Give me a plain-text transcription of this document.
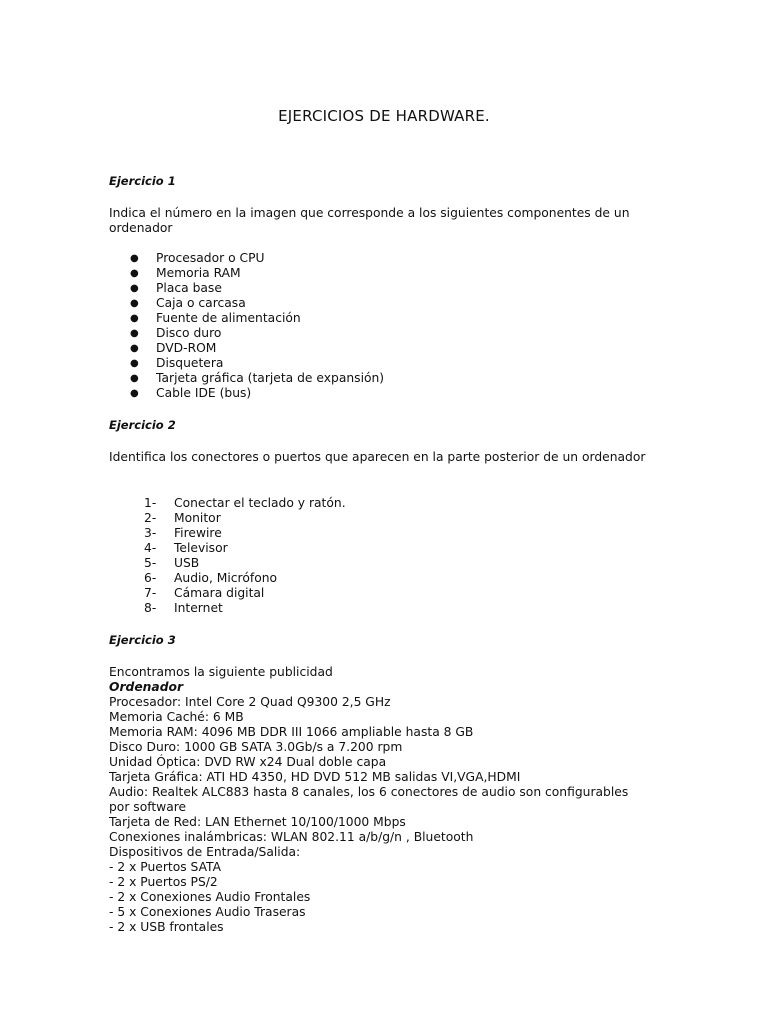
EJERCICIOS DE HARDWARE.
Ejercicio 1

Indica el número en la imagen que corresponde a los siguientes componentes de un ordenador

● Procesador o CPU
● Memoria RAM
● Placa base
● Caja o carcasa
● Fuente de alimentación
● Disco duro
● DVD-ROM
● Disquetera
● Tarjeta gráfica (tarjeta de expansión)
● Cable IDE (bus)
Ejercicio 2

Identifica los conectores o puertos que aparecen en la parte posterior de un ordenador

1- Conectar el teclado y ratón.
2- Monitor
3- Firewire
4- Televisor
5- USB
6- Audio, Micrófono
7- Cámara digital
8- Internet
Ejercicio 3
Encontramos la siguiente publicidad
Ordenador
Procesador: Intel Core 2 Quad Q9300 2,5 GHz
Memoria Caché: 6 MB
Memoria RAM: 4096 MB DDR III 1066 ampliable hasta 8 GB
Disco Duro: 1000 GB SATA 3.0Gb/s a 7.200 rpm
Unidad Óptica: DVD RW x24 Dual doble capa
Tarjeta Gráfica: ATI HD 4350, HD DVD 512 MB salidas VI,VGA,HDMI
Audio: Realtek ALC883 hasta 8 canales, los 6 conectores de audio son configurables por software
Tarjeta de Red: LAN Ethernet 10/100/1000 Mbps
Conexiones inalámbricas: WLAN 802.11 a/b/g/n , Bluetooth
Dispositivos de Entrada/Salida:
- 2 x Puertos SATA
- 2 x Puertos PS/2
- 2 x Conexiones Audio Frontales
- 5 x Conexiones Audio Traseras
- 2 x USB frontales
